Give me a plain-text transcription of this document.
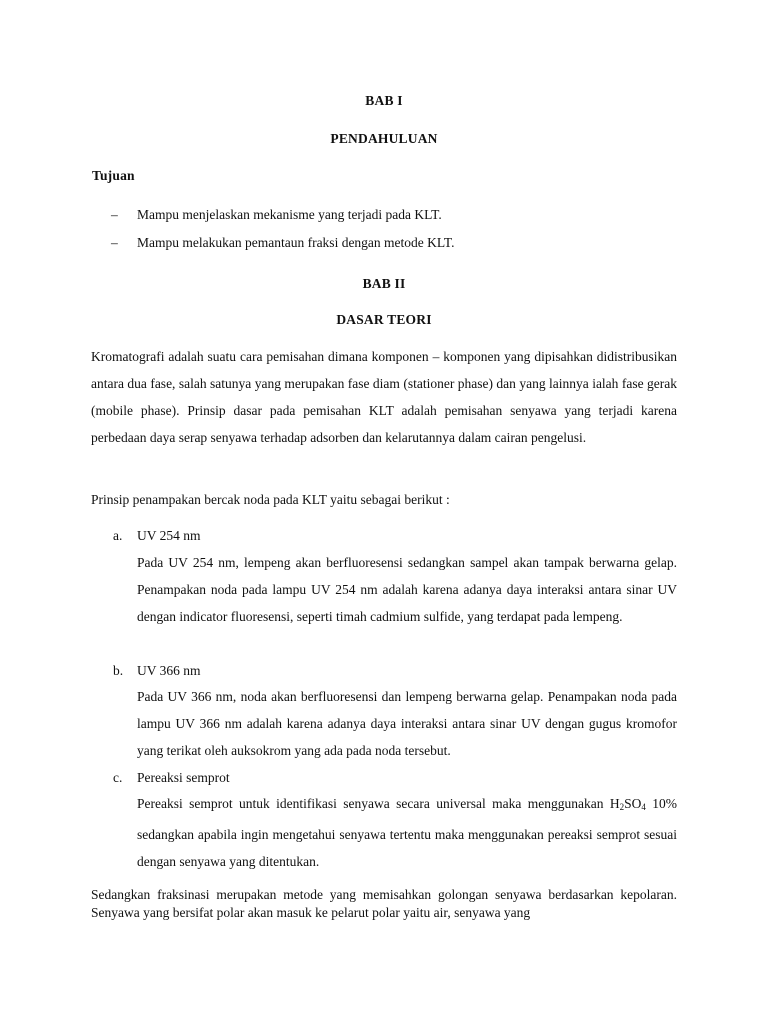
BAB I
PENDAHULUAN
Tujuan
–	Mampu menjelaskan mekanisme yang terjadi pada KLT.
–	Mampu melakukan pemantaun fraksi dengan metode KLT.
BAB II
DASAR TEORI
Kromatografi adalah suatu cara pemisahan dimana komponen – komponen yang dipisahkan didistribusikan antara dua fase, salah satunya yang merupakan fase diam (stationer phase) dan yang lainnya ialah fase gerak (mobile phase). Prinsip dasar pada pemisahan KLT adalah pemisahan senyawa yang terjadi karena perbedaan daya serap senyawa terhadap adsorben dan kelarutannya dalam cairan pengelusi.
Prinsip penampakan bercak noda pada KLT yaitu sebagai berikut :
a. UV 254 nm
Pada UV 254 nm, lempeng akan berfluoresensi sedangkan sampel akan tampak berwarna gelap. Penampakan noda pada lampu UV 254 nm adalah karena adanya daya interaksi antara sinar UV dengan indicator fluoresensi, seperti timah cadmium sulfide, yang terdapat pada lempeng.
b. UV 366 nm
Pada UV 366 nm, noda akan berfluoresensi dan lempeng berwarna gelap. Penampakan noda pada lampu UV 366 nm adalah karena adanya daya interaksi antara sinar UV dengan gugus kromofor yang terikat oleh auksokrom yang ada pada noda tersebut.
c. Pereaksi semprot
Pereaksi semprot untuk identifikasi senyawa secara universal maka menggunakan $H_2SO_4$ 10% sedangkan apabila ingin mengetahui senyawa tertentu maka menggunakan pereaksi semprot sesuai dengan senyawa yang ditentukan.
Sedangkan fraksinasi merupakan metode yang memisahkan golongan senyawa berdasarkan kepolaran. Senyawa yang bersifat polar akan masuk ke pelarut polar yaitu air, senyawa yang
